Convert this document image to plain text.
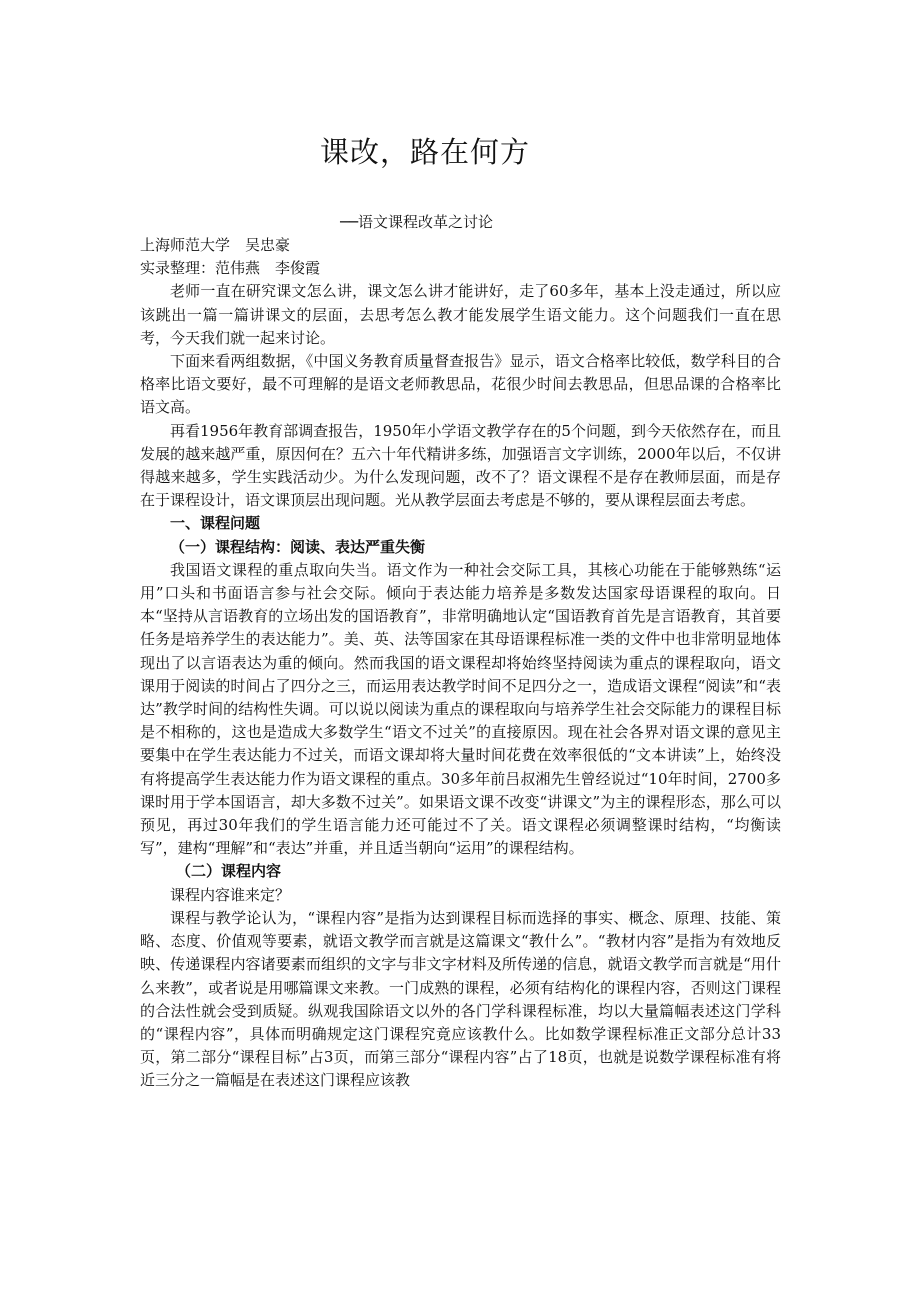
课改，路在何方
──语文课程改革之讨论

上海师范大学　吴忠豪

实录整理：范伟燕　李俊霞

老师一直在研究课文怎么讲，课文怎么讲才能讲好，走了60多年，基本上没走通过，所以应该跳出一篇一篇讲课文的层面，去思考怎么教才能发展学生语文能力。这个问题我们一直在思考，今天我们就一起来讨论。

下面来看两组数据，《中国义务教育质量督查报告》显示，语文合格率比较低，数学科目的合格率比语文要好，最不可理解的是语文老师教思品，花很少时间去教思品，但思品课的合格率比语文高。

再看1956年教育部调查报告，1950年小学语文教学存在的5个问题，到今天依然存在，而且发展的越来越严重，原因何在？五六十年代精讲多练，加强语言文字训练，2000年以后，不仅讲得越来越多，学生实践活动少。为什么发现问题，改不了？语文课程不是存在教师层面，而是存在于课程设计，语文课顶层出现问题。光从教学层面去考虑是不够的，要从课程层面去考虑。

一、课程问题

（一）课程结构：阅读、表达严重失衡

我国语文课程的重点取向失当。语文作为一种社会交际工具，其核心功能在于能够熟练“运用”口头和书面语言参与社会交际。倾向于表达能力培养是多数发达国家母语课程的取向。日本“坚持从言语教育的立场出发的国语教育”，非常明确地认定“国语教育首先是言语教育，其首要任务是培养学生的表达能力”。美、英、法等国家在其母语课程标准一类的文件中也非常明显地体现出了以言语表达为重的倾向。然而我国的语文课程却将始终坚持阅读为重点的课程取向，语文课用于阅读的时间占了四分之三，而运用表达教学时间不足四分之一，造成语文课程“阅读”和“表达”教学时间的结构性失调。可以说以阅读为重点的课程取向与培养学生社会交际能力的课程目标是不相称的，这也是造成大多数学生“语文不过关”的直接原因。现在社会各界对语文课的意见主要集中在学生表达能力不过关，而语文课却将大量时间花费在效率很低的“文本讲读”上，始终没有将提高学生表达能力作为语文课程的重点。30多年前吕叔湘先生曾经说过“10年时间，2700多课时用于学本国语言，却大多数不过关”。如果语文课不改变“讲课文”为主的课程形态，那么可以预见，再过30年我们的学生语言能力还可能过不了关。语文课程必须调整课时结构，“均衡读写”，建构“理解”和“表达”并重，并且适当朝向“运用”的课程结构。

（二）课程内容

课程内容谁来定？

课程与教学论认为，“课程内容”是指为达到课程目标而选择的事实、概念、原理、技能、策略、态度、价值观等要素，就语文教学而言就是这篇课文“教什么”。“教材内容”是指为有效地反映、传递课程内容诸要素而组织的文字与非文字材料及所传递的信息，就语文教学而言就是“用什么来教”，或者说是用哪篇课文来教。一门成熟的课程，必须有结构化的课程内容，否则这门课程的合法性就会受到质疑。纵观我国除语文以外的各门学科课程标准，均以大量篇幅表述这门学科的“课程内容”，具体而明确规定这门课程究竟应该教什么。比如数学课程标准正文部分总计33页，第二部分“课程目标”占3页，而第三部分“课程内容”占了18页，也就是说数学课程标准有将近三分之一篇幅是在表述这门课程应该教
